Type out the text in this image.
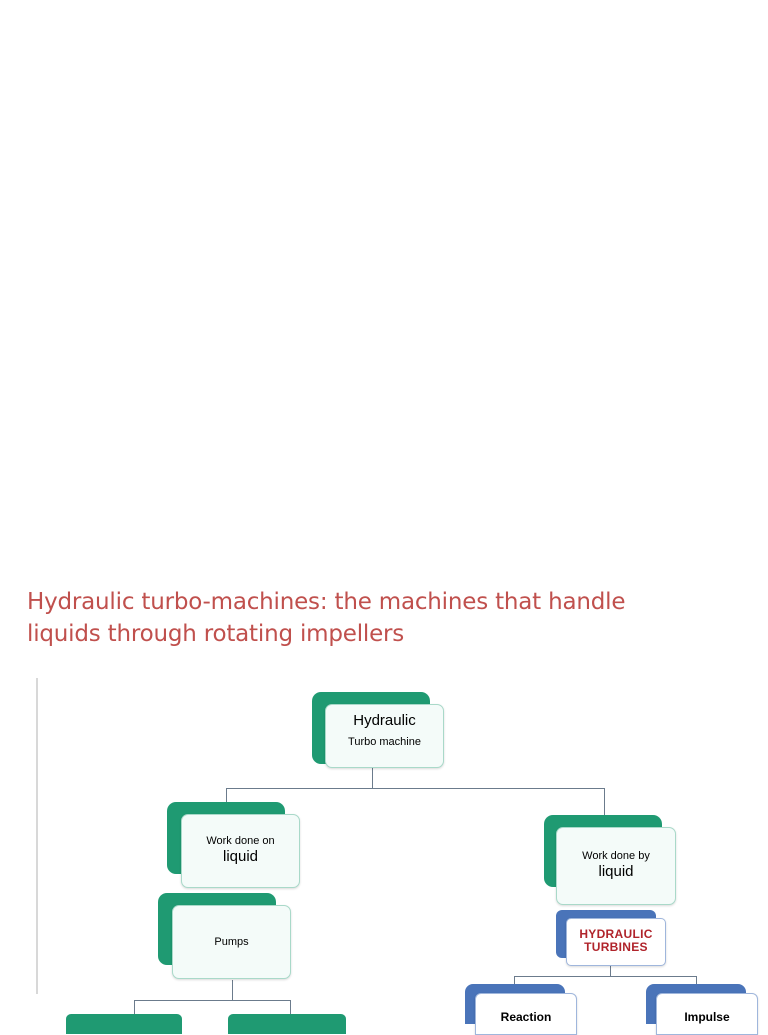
Hydraulic turbo-machines: the machines that handle
liquids through rotating impellers
Hydraulic
Turbo machine
Work done on
liquid
Pumps
Work done by
liquid
HYDRAULIC
TURBINES
Reaction	Impulse
